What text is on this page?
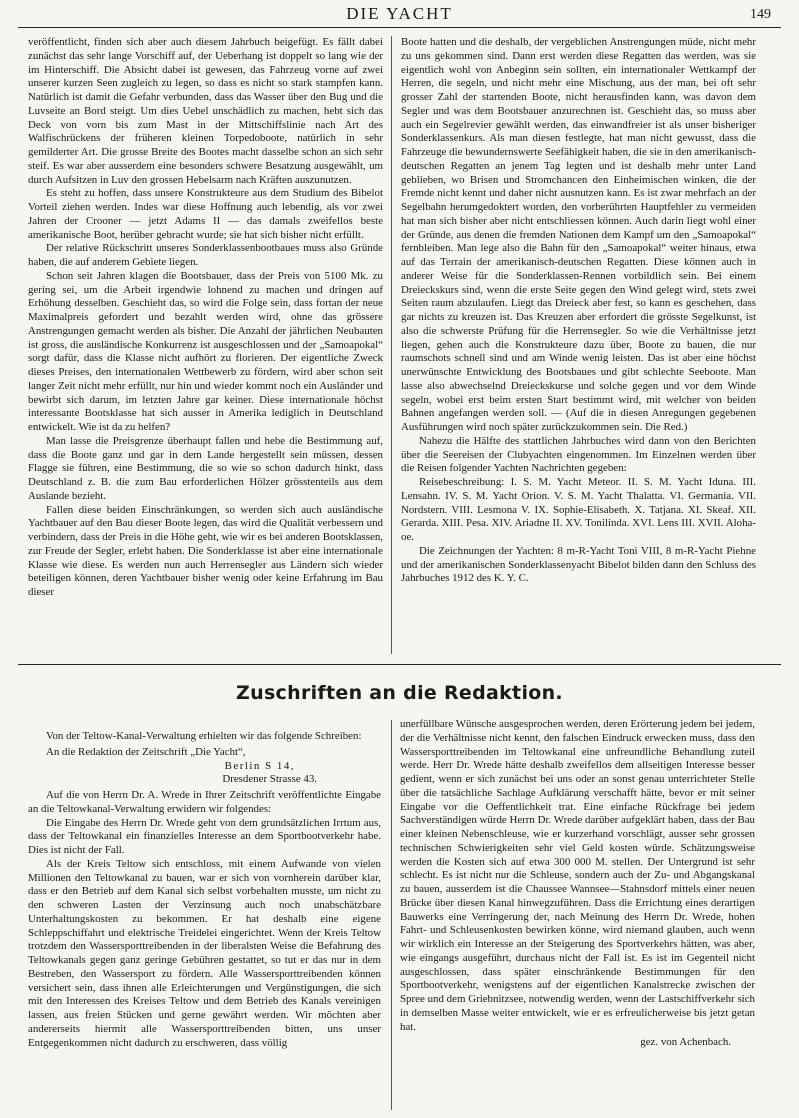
DIE YACHT	149

veröffentlicht, finden sich aber auch diesem Jahrbuch beigefügt. Es fällt dabei zunächst das sehr lange Vorschiff auf, der Ueberhang ist doppelt so lang wie der im Hinterschiff. Die Absicht dabei ist gewesen, das Fahrzeug vorne auf zwei unserer kurzen Seen zugleich zu legen, so dass es nicht so stark stampfen kann. Natürlich ist damit die Gefahr verbunden, dass das Wasser über den Bug und die Luvseite an Bord steigt. Um dies Uebel unschädlich zu machen, hebt sich das Deck von vorn bis zum Mast in der Mittschiffslinie nach Art des Walfischrückens der früheren kleinen Torpedoboote, natürlich in sehr gemilderter Art. Die grosse Breite des Bootes macht dasselbe schon an sich sehr steif. Es war aber ausserdem eine besonders schwere Besatzung ausgewählt, um durch Aufsitzen in Luv den grossen Hebelsarm nach Kräften auszunutzen.

Es steht zu hoffen, dass unsere Konstrukteure aus dem Studium des Bibelot Vorteil ziehen werden. Indes war diese Hoffnung auch lebendig, als vor zwei Jahren der Crooner — jetzt Adams II — das damals zweifellos beste amerikanische Boot, herüber gebracht wurde; sie hat sich bisher nicht erfüllt.

Der relative Rückschritt unseres Sonderklassenbootbaues muss also Gründe haben, die auf anderem Gebiete liegen.

Schon seit Jahren klagen die Bootsbauer, dass der Preis von 5100 Mk. zu gering sei, um die Arbeit irgendwie lohnend zu machen und dringen auf Erhöhung desselben. Geschieht das, so wird die Folge sein, dass fortan der neue Maximalpreis gefordert und bezahlt werden wird, ohne das grössere Anstrengungen gemacht werden als bisher. Die Anzahl der jährlichen Neubauten ist gross, die ausländische Konkurrenz ist ausgeschlossen und der „Samoapokal“ sorgt dafür, dass die Klasse nicht aufhört zu florieren. Der eigentliche Zweck dieses Preises, den internationalen Wettbewerb zu fördern, wird aber schon seit langer Zeit nicht mehr erfüllt, nur hin und wieder kommt noch ein Ausländer und bewirbt sich darum, im letzten Jahre gar keiner. Diese internationale höchst interessante Bootsklasse hat sich ausser in Amerika lediglich in Deutschland entwickelt. Wie ist da zu helfen?

Man lasse die Preisgrenze überhaupt fallen und hebe die Bestimmung auf, dass die Boote ganz und gar in dem Lande hergestellt sein müssen, dessen Flagge sie führen, eine Bestimmung, die so wie so schon dadurch hinkt, dass Deutschland z. B. die zum Bau erforderlichen Hölzer grösstenteils aus dem Auslande bezieht.

Fallen diese beiden Einschränkungen, so werden sich auch ausländische Yachtbauer auf den Bau dieser Boote legen, das wird die Qualität verbessern und verbindern, dass der Preis in die Höhe geht, wie wir es bei anderen Bootsklassen, zur Freude der Segler, erlebt haben. Die Sonderklasse ist aber eine internationale Klasse wie diese. Es werden nun auch Herrensegler aus Ländern sich wieder beteiligen können, deren Yachtbauer bisher wenig oder keine Erfahrung im Bau dieser

Boote hatten und die deshalb, der vergeblichen Anstrengungen müde, nicht mehr zu uns gekommen sind. Dann erst werden diese Regatten das werden, was sie eigentlich wohl von Anbeginn sein sollten, ein internationaler Wettkampf der Herren, die segeln, und nicht mehr eine Mischung, aus der man, bei oft sehr grosser Zahl der startenden Boote, nicht herausfinden kann, was davon dem Segler und was dem Bootsbauer anzurechnen ist. Geschieht das, so muss aber auch ein Segelrevier gewählt werden, das einwandfreier ist als unser bisheriger Sonderklassenkurs. Als man diesen festlegte, hat man nicht gewusst, dass die Fahrzeuge die bewundernswerte Seefähigkeit haben, die sie in den amerikanisch-deutschen Regatten an jenem Tag legten und ist deshalb mehr unter Land geblieben, wo Brisen und Stromchancen den Einheimischen winken, die der Fremde nicht kennt und daher nicht ausnutzen kann. Es ist zwar mehrfach an der Segelbahn herumgedoktert worden, den vorberührten Hauptfehler zu vermeiden hat man sich bisher aber nicht entschliessen können. Auch darin liegt wohl einer der Gründe, aus denen die fremden Nationen dem Kampf um den „Samoapokal“ fernbleiben. Man lege also die Bahn für den „Samoapokal“ weiter hinaus, etwa auf das Terrain der amerikanisch-deutschen Regatten. Diese können auch in anderer Weise für die Sonderklassen-Rennen vorbildlich sein. Bei einem Dreieckskurs sind, wenn die erste Seite gegen den Wind gelegt wird, stets zwei Seiten raum abzulaufen. Liegt das Dreieck aber fest, so kann es geschehen, dass gar nichts zu kreuzen ist. Das Kreuzen aber erfordert die grösste Segelkunst, ist also die schwerste Prüfung für die Herrensegler. So wie die Verhältnisse jetzt liegen, gehen auch die Konstrukteure dazu über, Boote zu bauen, die nur raumschots schnell sind und am Winde wenig leisten. Das ist aber eine höchst unerwünschte Entwicklung des Bootsbaues und gibt schlechte Seeboote. Man lasse also abwechselnd Dreieckskurse und solche gegen und vor dem Winde segeln, wobei erst beim ersten Start bestimmt wird, mit welcher von beiden Bahnen angefangen werden soll. — (Auf die in diesen Anregungen gegebenen Ausführungen wird noch später zurückzukommen sein. Die Red.)

Nahezu die Hälfte des stattlichen Jahrbuches wird dann von den Berichten über die Seereisen der Clubyachten eingenommen. Im Einzelnen werden über die Reisen folgender Yachten Nachrichten gegeben:

Reisebeschreibung: I. S. M. Yacht Meteor. II. S. M. Yacht Iduna. III. Lensahn. IV. S. M. Yacht Orion. V. S. M. Yacht Thalatta. VI. Germania. VII. Nordstern. VIII. Lesmona V. IX. Sophie-Elisabeth. X. Tatjana. XI. Skeaf. XII. Gerarda. XIII. Pesa. XIV. Ariadne II. XV. Tonilinda. XVI. Lens III. XVII. Aloha-oe.

Die Zeichnungen der Yachten: 8 m-R-Yacht Toni VIII, 8 m-R-Yacht Piehne und der amerikanischen Sonderklassenyacht Bibelot bilden dann den Schluss des Jahrbuches 1912 des K. Y. C.

Zuschriften an die Redaktion.

Von der Teltow-Kanal-Verwaltung erhielten wir das folgende Schreiben:

An die Redaktion der Zeitschrift „Die Yacht“,

Berlin S 14,

Dresdener Strasse 43.

Auf die von Herrn Dr. A. Wrede in Ihrer Zeitschrift veröffentlichte Eingabe an die Teltowkanal-Verwaltung erwidern wir folgendes:

Die Eingabe des Herrn Dr. Wrede geht von dem grundsätzlichen Irrtum aus, dass der Teltowkanal ein finanzielles Interesse an dem Sportbootverkehr habe. Dies ist nicht der Fall.

Als der Kreis Teltow sich entschloss, mit einem Aufwande von vielen Millionen den Teltowkanal zu bauen, war er sich von vornherein darüber klar, dass er den Betrieb auf dem Kanal sich selbst vorbehalten musste, um nicht zu den schweren Lasten der Verzinsung auch noch unabschätzbare Unterhaltungskosten zu bekommen. Er hat deshalb eine eigene Schleppschiffahrt und elektrische Treidelei eingerichtet. Wenn der Kreis Teltow trotzdem den Wassersporttreibenden in der liberalsten Weise die Befahrung des Teltowkanals gegen ganz geringe Gebühren gestattet, so tut er das nur in dem Bestreben, den Wassersport zu fördern. Alle Wassersporttreibenden können versichert sein, dass ihnen alle Erleichterungen und Vergünstigungen, die sich mit den Interessen des Kreises Teltow und dem Betrieb des Kanals vereinigen lassen, aus freien Stücken und gerne gewährt werden. Wir möchten aber andererseits hiermit alle Wassersporttreibenden bitten, uns unser Entgegenkommen nicht dadurch zu erschweren, dass völlig

unerfüllbare Wünsche ausgesprochen werden, deren Erörterung jedem bei jedem, der die Verhältnisse nicht kennt, den falschen Eindruck erwecken muss, dass den Wassersporttreibenden im Teltowkanal eine unfreundliche Behandlung zuteil werde. Herr Dr. Wrede hätte deshalb zweifellos dem allseitigen Interesse besser gedient, wenn er sich zunächst bei uns oder an sonst genau unterrichteter Stelle über die tatsächliche Sachlage Aufklärung verschafft hätte, bevor er mit seiner Eingabe vor die Oeffentlichkeit trat. Eine einfache Rückfrage bei jedem Sachverständigen würde Herrn Dr. Wrede darüber aufgeklärt haben, dass der Bau einer kleinen Nebenschleuse, wie er kurzerhand vorschlägt, ausser sehr grossen technischen Schwierigkeiten sehr viel Geld kosten würde. Schätzungsweise werden die Kosten sich auf etwa 300 000 M. stellen. Der Untergrund ist sehr schlecht. Es ist nicht nur die Schleuse, sondern auch der Zu- und Abgangskanal zu bauen, ausserdem ist die Chaussee Wannsee—Stahnsdorf mittels einer neuen Brücke über diesen Kanal hinwegzuführen. Dass die Errichtung eines derartigen Bauwerks eine Verringerung der, nach Meinung des Herrn Dr. Wrede, hohen Fahrt- und Schleusenkosten bewirken könne, wird niemand glauben, auch wenn wir wirklich ein Interesse an der Steigerung des Sportverkehrs hätten, was aber, wie eingangs ausgeführt, durchaus nicht der Fall ist. Es ist im Gegenteil nicht ausgeschlossen, dass später einschränkende Bestimmungen für den Sportbootverkehr, wenigstens auf der eigentlichen Kanalstrecke zwischen der Spree und dem Griebnitzsee, notwendig werden, wenn der Lastschiffverkehr sich in demselben Masse weiter entwickelt, wie er es erfreulicherweise bis jetzt getan hat.

gez. von Achenbach.
